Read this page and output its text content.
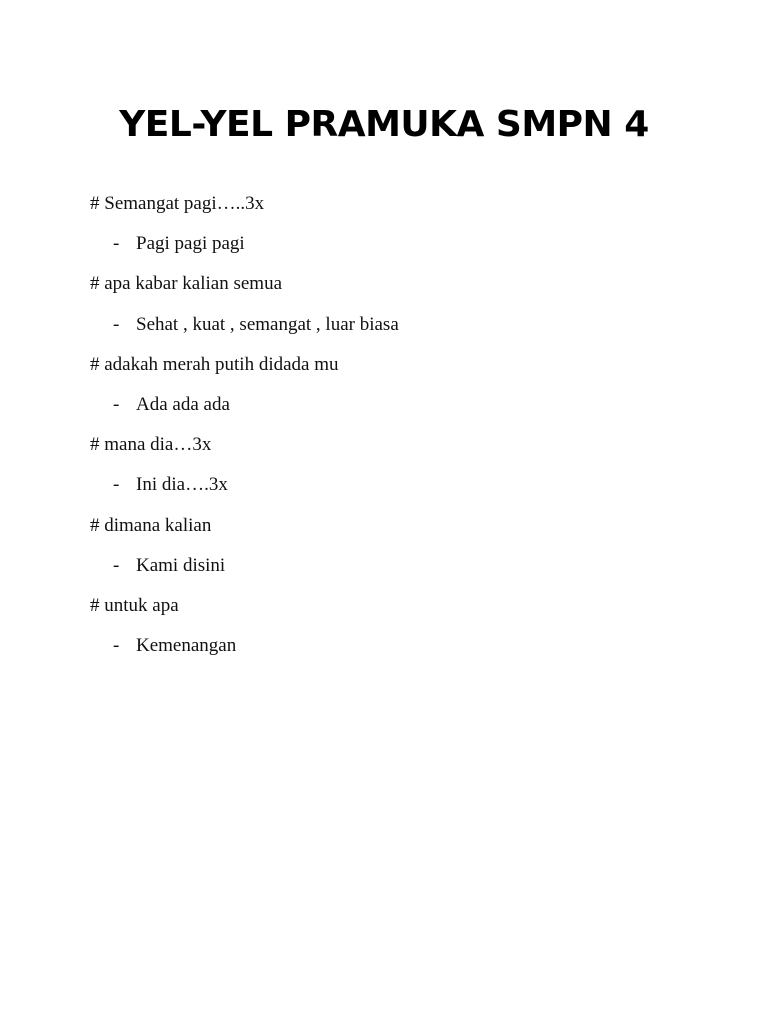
YEL-YEL PRAMUKA SMPN 4
# Semangat pagi…..3x
- Pagi pagi pagi
# apa kabar kalian semua
- Sehat , kuat , semangat , luar biasa
# adakah merah putih didada mu
- Ada ada ada
# mana dia…3x
- Ini dia….3x
# dimana kalian
- Kami disini
# untuk apa
- Kemenangan
